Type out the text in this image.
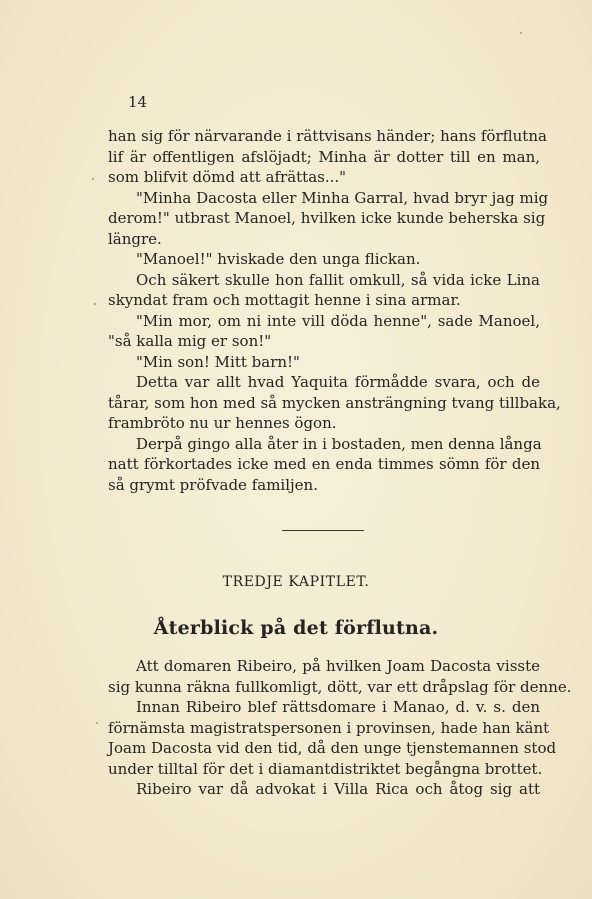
14
han sig för närvarande i rättvisans händer; hans förflutna
lif är offentligen afslöjadt; Minha är dotter till en man,
som blifvit dömd att afrättas..."
"Minha Dacosta eller Minha Garral, hvad bryr jag mig
derom!" utbrast Manoel, hvilken icke kunde beherska sig
längre.
"Manoel!" hviskade den unga flickan.
Och säkert skulle hon fallit omkull, så vida icke Lina
skyndat fram och mottagit henne i sina armar.
"Min mor, om ni inte vill döda henne", sade Manoel,
"så kalla mig er son!"
"Min son! Mitt barn!"
Detta var allt hvad Yaquita förmådde svara, och de
tårar, som hon med så mycken ansträngning tvang tillbaka,
frambröto nu ur hennes ögon.
Derpå gingo alla åter in i bostaden, men denna långa
natt förkortades icke med en enda timmes sömn för den
så grymt pröfvade familjen.
TREDJE KAPITLET.
Återblick på det förflutna.
Att domaren Ribeiro, på hvilken Joam Dacosta visste
sig kunna räkna fullkomligt, dött, var ett dråpslag för denne.
Innan Ribeiro blef rättsdomare i Manao, d. v. s. den
förnämsta magistratspersonen i provinsen, hade han känt
Joam Dacosta vid den tid, då den unge tjenstemannen stod
under tilltal för det i diamantdistriktet begångna brottet.
Ribeiro var då advokat i Villa Rica och åtog sig att
